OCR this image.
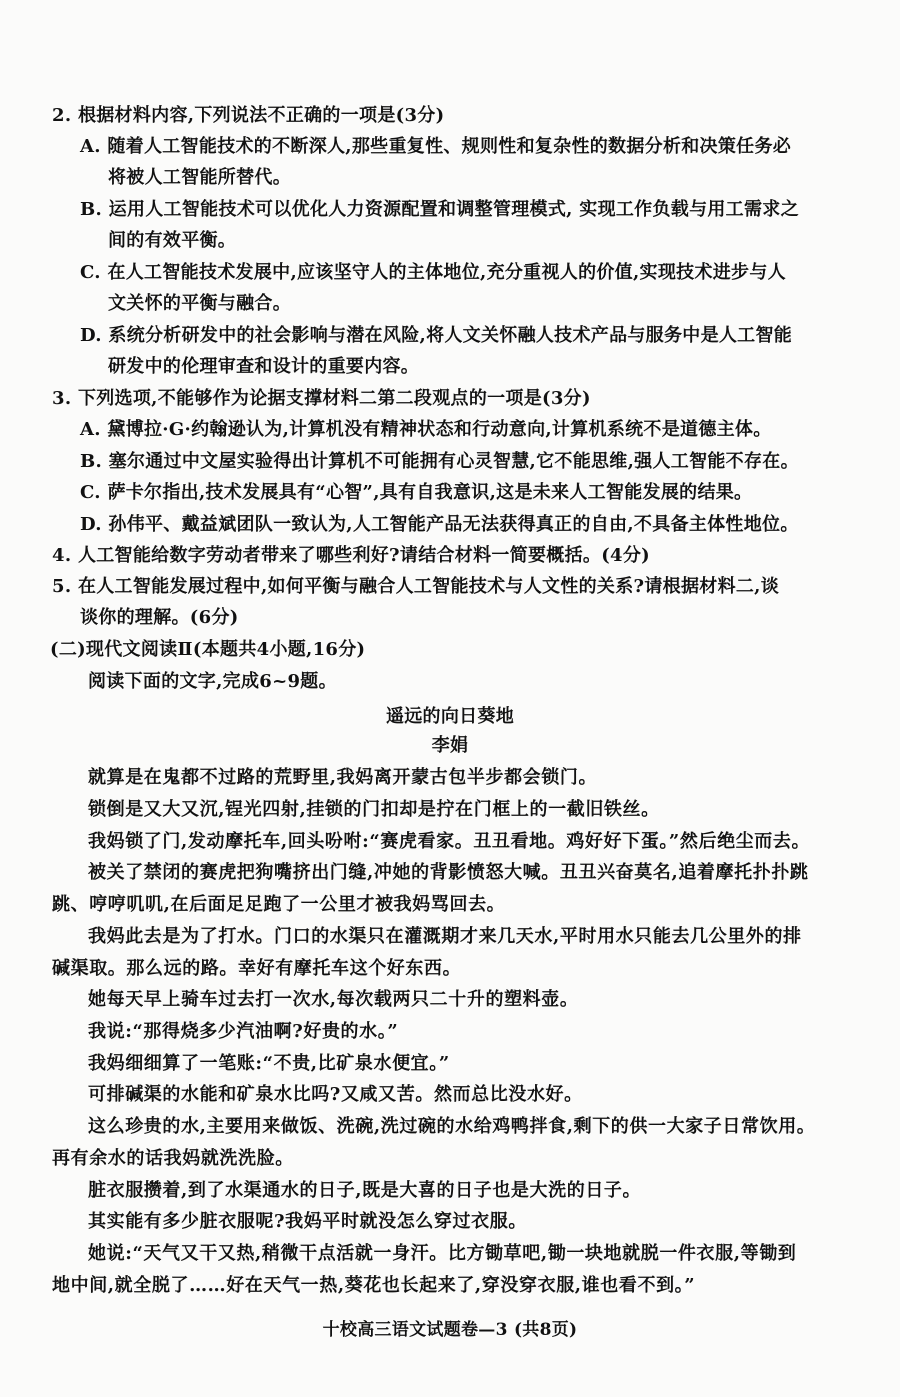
2. 根据材料内容,下列说法不正确的一项是(3分)
A. 随着人工智能技术的不断深人,那些重复性、规则性和复杂性的数据分析和决策任务必
将被人工智能所替代。
B. 运用人工智能技术可以优化人力资源配置和调整管理模式, 实现工作负载与用工需求之
间的有效平衡。
C. 在人工智能技术发展中,应该坚守人的主体地位,充分重视人的价值,实现技术进步与人
文关怀的平衡与融合。
D. 系统分析研发中的社会影响与潜在风险,将人文关怀融人技术产品与服务中是人工智能
研发中的伦理审查和设计的重要内容。
3. 下列选项,不能够作为论据支撑材料二第二段观点的一项是(3分)
A. 黛博拉·G·约翰逊认为,计算机没有精神状态和行动意向,计算机系统不是道德主体。
B. 塞尔通过中文屋实验得出计算机不可能拥有心灵智慧,它不能思维,强人工智能不存在。
C. 萨卡尔指出,技术发展具有“心智”,具有自我意识,这是未来人工智能发展的结果。
D. 孙伟平、戴益斌团队一致认为,人工智能产品无法获得真正的自由,不具备主体性地位。
4. 人工智能给数字劳动者带来了哪些利好?请结合材料一简要概括。(4分)
5. 在人工智能发展过程中,如何平衡与融合人工智能技术与人文性的关系?请根据材料二,谈
谈你的理解。(6分)
(二)现代文阅读Ⅱ(本题共4小题,16分)
阅读下面的文字,完成6~9题。
遥远的向日葵地
李娟
就算是在鬼都不过路的荒野里,我妈离开蒙古包半步都会锁门。
锁倒是又大又沉,锃光四射,挂锁的门扣却是拧在门框上的一截旧铁丝。
我妈锁了门,发动摩托车,回头吩咐:“赛虎看家。丑丑看地。鸡好好下蛋。”然后绝尘而去。
被关了禁闭的赛虎把狗嘴挤出门缝,冲她的背影愤怒大喊。丑丑兴奋莫名,追着摩托扑扑跳
跳、哼哼叽叽,在后面足足跑了一公里才被我妈骂回去。
我妈此去是为了打水。门口的水渠只在灌溉期才来几天水,平时用水只能去几公里外的排
碱渠取。那么远的路。幸好有摩托车这个好东西。
她每天早上骑车过去打一次水,每次载两只二十升的塑料壶。
我说:“那得烧多少汽油啊?好贵的水。”
我妈细细算了一笔账:“不贵,比矿泉水便宜。”
可排碱渠的水能和矿泉水比吗?又咸又苦。然而总比没水好。
这么珍贵的水,主要用来做饭、洗碗,洗过碗的水给鸡鸭拌食,剩下的供一大家子日常饮用。
再有余水的话我妈就洗洗脸。
脏衣服攒着,到了水渠通水的日子,既是大喜的日子也是大洗的日子。
其实能有多少脏衣服呢?我妈平时就没怎么穿过衣服。
她说:“天气又干又热,稍微干点活就一身汗。比方锄草吧,锄一块地就脱一件衣服,等锄到
地中间,就全脱了……好在天气一热,葵花也长起来了,穿没穿衣服,谁也看不到。”
十校高三语文试题卷—3 (共8页)
